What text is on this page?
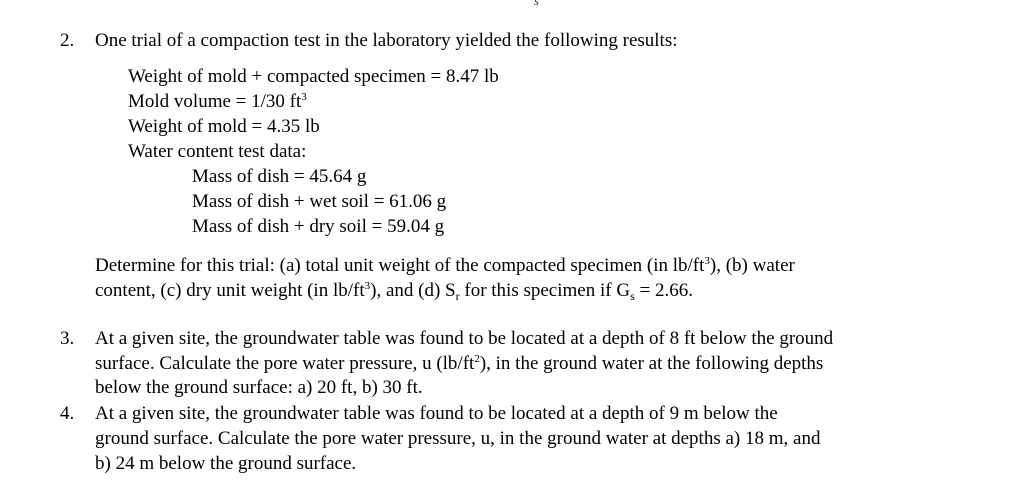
s
2. One trial of a compaction test in the laboratory yielded the following results:
Weight of mold + compacted specimen = 8.47 lb
Mold volume = 1/30 $ft^3$
Weight of mold = 4.35 lb
Water content test data:
Mass of dish = 45.64 g
Mass of dish + wet soil = 61.06 g
Mass of dish + dry soil = 59.04 g
Determine for this trial: (a) total unit weight of the compacted specimen (in $lb/ft^3$), (b) water
content, (c) dry unit weight (in $lb/ft^3$), and (d) $S_r$ for this specimen if $G_s = 2.66$.
3. At a given site, the groundwater table was found to be located at a depth of 8 ft below the ground
surface. Calculate the pore water pressure, u $(lb/ft^2)$, in the ground water at the following depths
below the ground surface: a) 20 ft, b) 30 ft.
4. At a given site, the groundwater table was found to be located at a depth of 9 m below the
ground surface. Calculate the pore water pressure, u, in the ground water at depths a) 18 m, and
b) 24 m below the ground surface.
